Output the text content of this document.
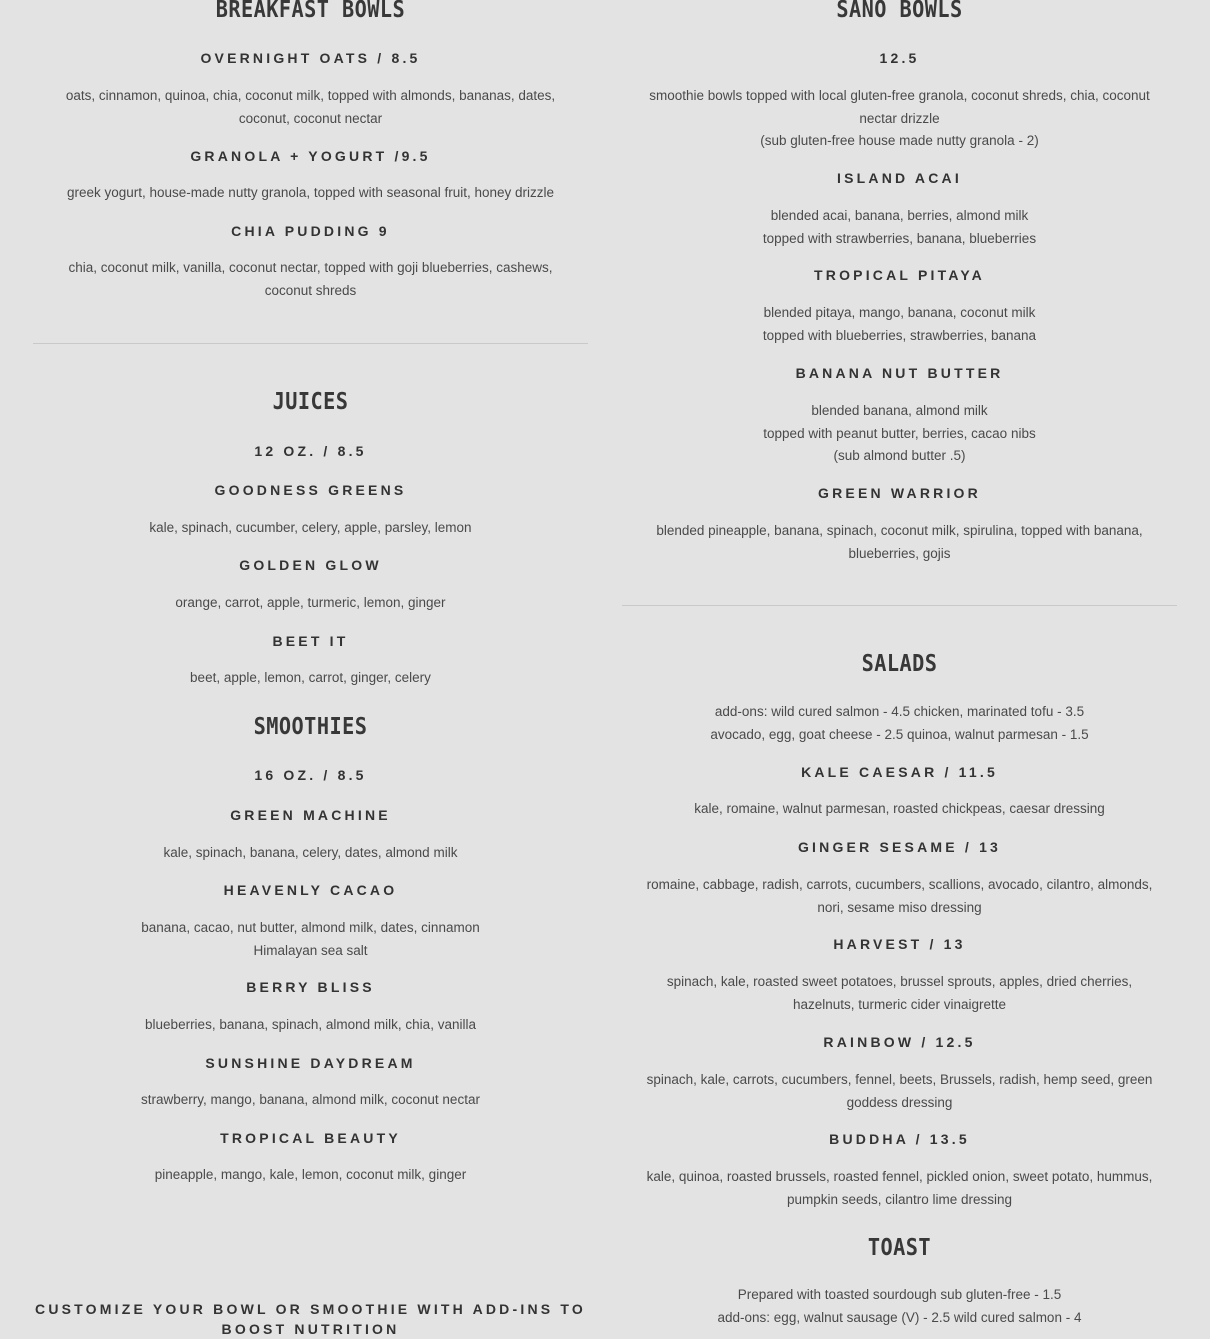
BREAKFAST BOWLS
OVERNIGHT OATS / 8.5
oats, cinnamon, quinoa, chia, coconut milk, topped with almonds, bananas, dates,
coconut, coconut nectar
GRANOLA + YOGURT /9.5
greek yogurt, house-made nutty granola, topped with seasonal fruit, honey drizzle
CHIA PUDDING 9
chia, coconut milk, vanilla, coconut nectar, topped with goji blueberries, cashews,
coconut shreds
JUICES
12 OZ. / 8.5
GOODNESS GREENS
kale, spinach, cucumber, celery, apple, parsley, lemon
GOLDEN GLOW
orange, carrot, apple, turmeric, lemon, ginger
BEET IT
beet, apple, lemon, carrot, ginger, celery
SMOOTHIES
16 OZ. / 8.5
GREEN MACHINE
kale, spinach, banana, celery, dates, almond milk
HEAVENLY CACAO
banana, cacao, nut butter, almond milk, dates, cinnamon
Himalayan sea salt
BERRY BLISS
blueberries, banana, spinach, almond milk, chia, vanilla
SUNSHINE DAYDREAM
strawberry, mango, banana, almond milk, coconut nectar
TROPICAL BEAUTY
pineapple, mango, kale, lemon, coconut milk, ginger
CUSTOMIZE YOUR BOWL OR SMOOTHIE WITH ADD-INS TO
BOOST NUTRITION
SANO BOWLS
12.5
smoothie bowls topped with local gluten-free granola, coconut shreds, chia, coconut
nectar drizzle
(sub gluten-free house made nutty granola - 2)
ISLAND ACAI
blended acai, banana, berries, almond milk
topped with strawberries, banana, blueberries
TROPICAL PITAYA
blended pitaya, mango, banana, coconut milk
topped with blueberries, strawberries, banana
BANANA NUT BUTTER
blended banana, almond milk
topped with peanut butter, berries, cacao nibs
(sub almond butter .5)
GREEN WARRIOR
blended pineapple, banana, spinach, coconut milk, spirulina, topped with banana,
blueberries, gojis
SALADS
add-ons: wild cured salmon - 4.5 chicken, marinated tofu - 3.5
avocado, egg, goat cheese - 2.5 quinoa, walnut parmesan - 1.5
KALE CAESAR / 11.5
kale, romaine, walnut parmesan, roasted chickpeas, caesar dressing
GINGER SESAME / 13
romaine, cabbage, radish, carrots, cucumbers, scallions, avocado, cilantro, almonds,
nori, sesame miso dressing
HARVEST / 13
spinach, kale, roasted sweet potatoes, brussel sprouts, apples, dried cherries,
hazelnuts, turmeric cider vinaigrette
RAINBOW / 12.5
spinach, kale, carrots, cucumbers, fennel, beets, Brussels, radish, hemp seed, green
goddess dressing
BUDDHA / 13.5
kale, quinoa, roasted brussels, roasted fennel, pickled onion, sweet potato, hummus,
pumpkin seeds, cilantro lime dressing
TOAST
Prepared with toasted sourdough sub gluten-free - 1.5
add-ons: egg, walnut sausage (V) - 2.5 wild cured salmon - 4
